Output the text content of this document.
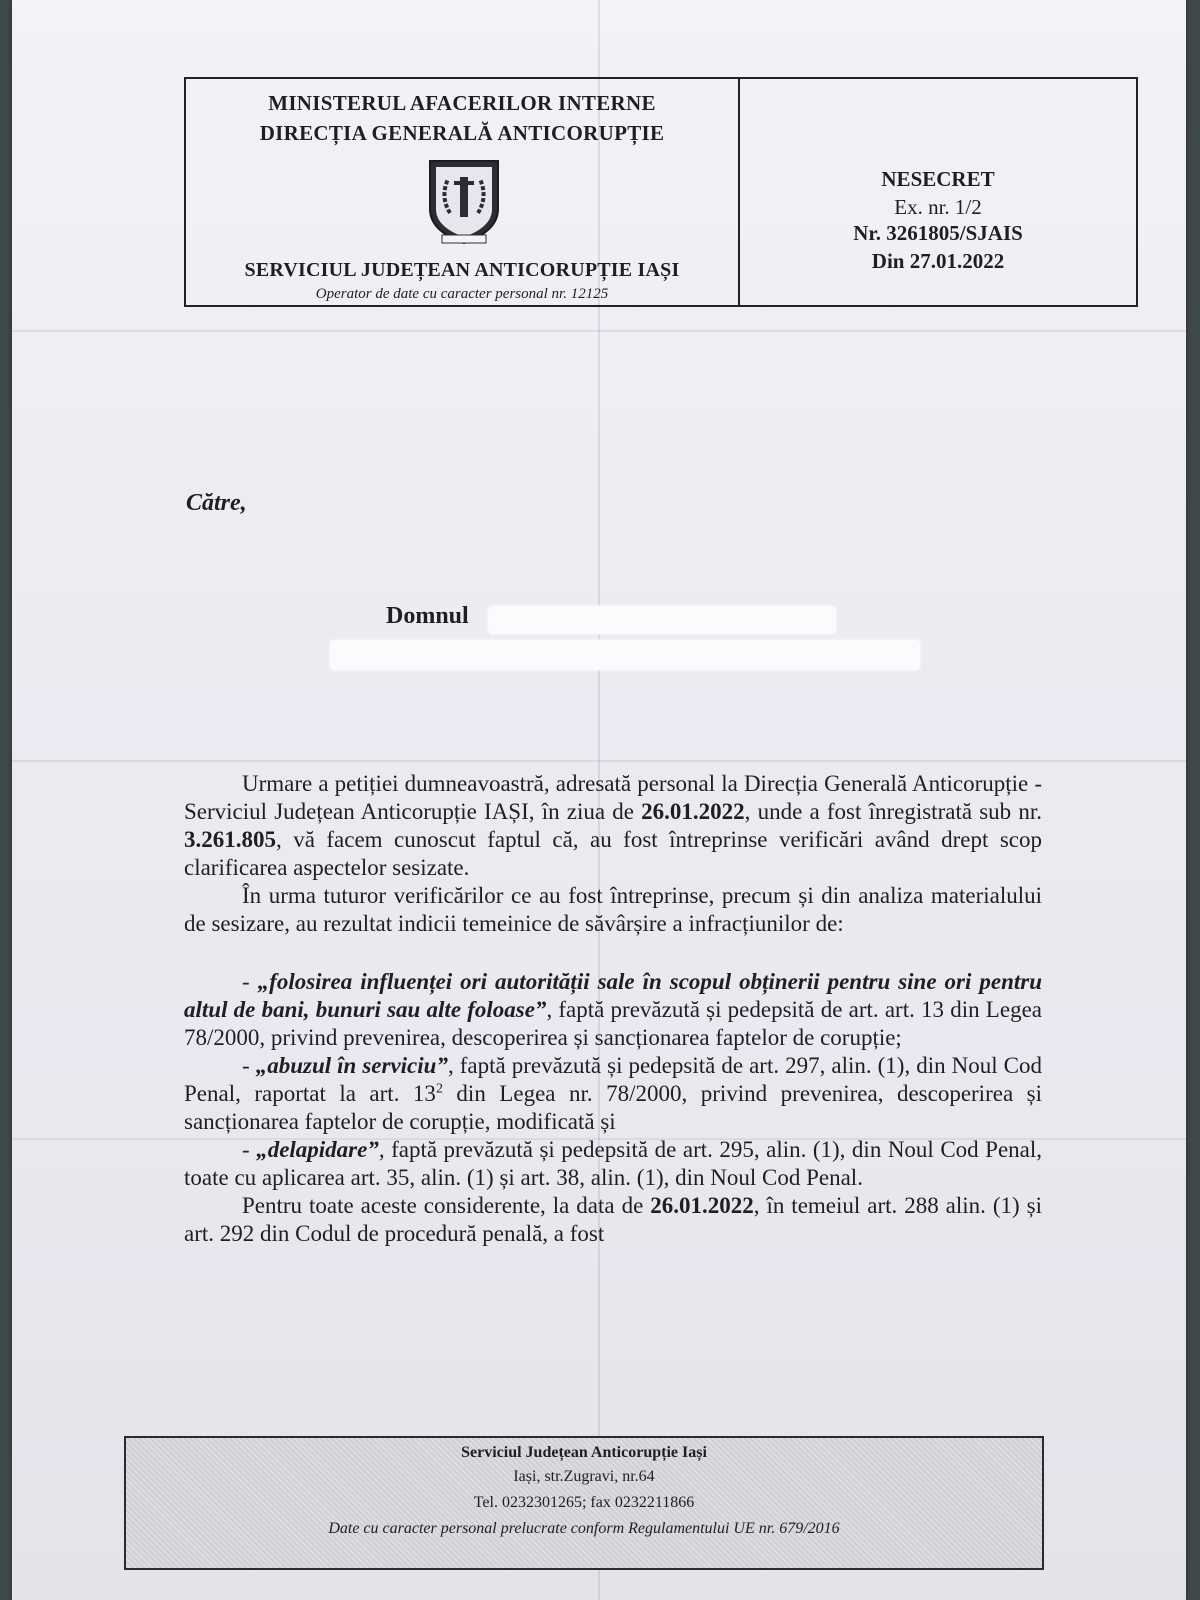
MINISTERUL AFACERILOR INTERNE
DIRECȚIA GENERALĂ ANTICORUPȚIE
SERVICIUL JUDEȚEAN ANTICORUPȚIE IAȘI
Operator de date cu caracter personal nr. 12125
NESECRET
Ex. nr. 1/2
Nr. 3261805/SJAIS
Din 27.01.2022
Către,
Domnul

Urmare a petiției dumneavoastră, adresată personal la Direcția Generală Anticorupție - Serviciul Județean Anticorupție IAȘI, în ziua de 26.01.2022, unde a fost înregistrată sub nr. 3.261.805, vă facem cunoscut faptul că, au fost întreprinse verificări având drept scop clarificarea aspectelor sesizate.

În urma tuturor verificărilor ce au fost întreprinse, precum și din analiza materialului de sesizare, au rezultat indicii temeinice de săvârșire a infracțiunilor de:

- „folosirea influenței ori autorității sale în scopul obținerii pentru sine ori pentru altul de bani, bunuri sau alte foloase”, faptă prevăzută și pedepsită de art. art. 13 din Legea 78/2000, privind prevenirea, descoperirea și sancționarea faptelor de corupție;

- „abuzul în serviciu”, faptă prevăzută și pedepsită de art. 297, alin. (1), din Noul Cod Penal, raportat la art. $13^2$ din Legea nr. 78/2000, privind prevenirea, descoperirea și sancționarea faptelor de corupție, modificată și

- „delapidare”, faptă prevăzută și pedepsită de art. 295, alin. (1), din Noul Cod Penal, toate cu aplicarea art. 35, alin. (1) și art. 38, alin. (1), din Noul Cod Penal.

Pentru toate aceste considerente, la data de 26.01.2022, în temeiul art. 288 alin. (1) și art. 292 din Codul de procedură penală, a fost

Serviciul Județean Anticorupție Iași
Iași, str.Zugravi, nr.64
Tel. 0232301265; fax 0232211866
Date cu caracter personal prelucrate conform Regulamentului UE nr. 679/2016
